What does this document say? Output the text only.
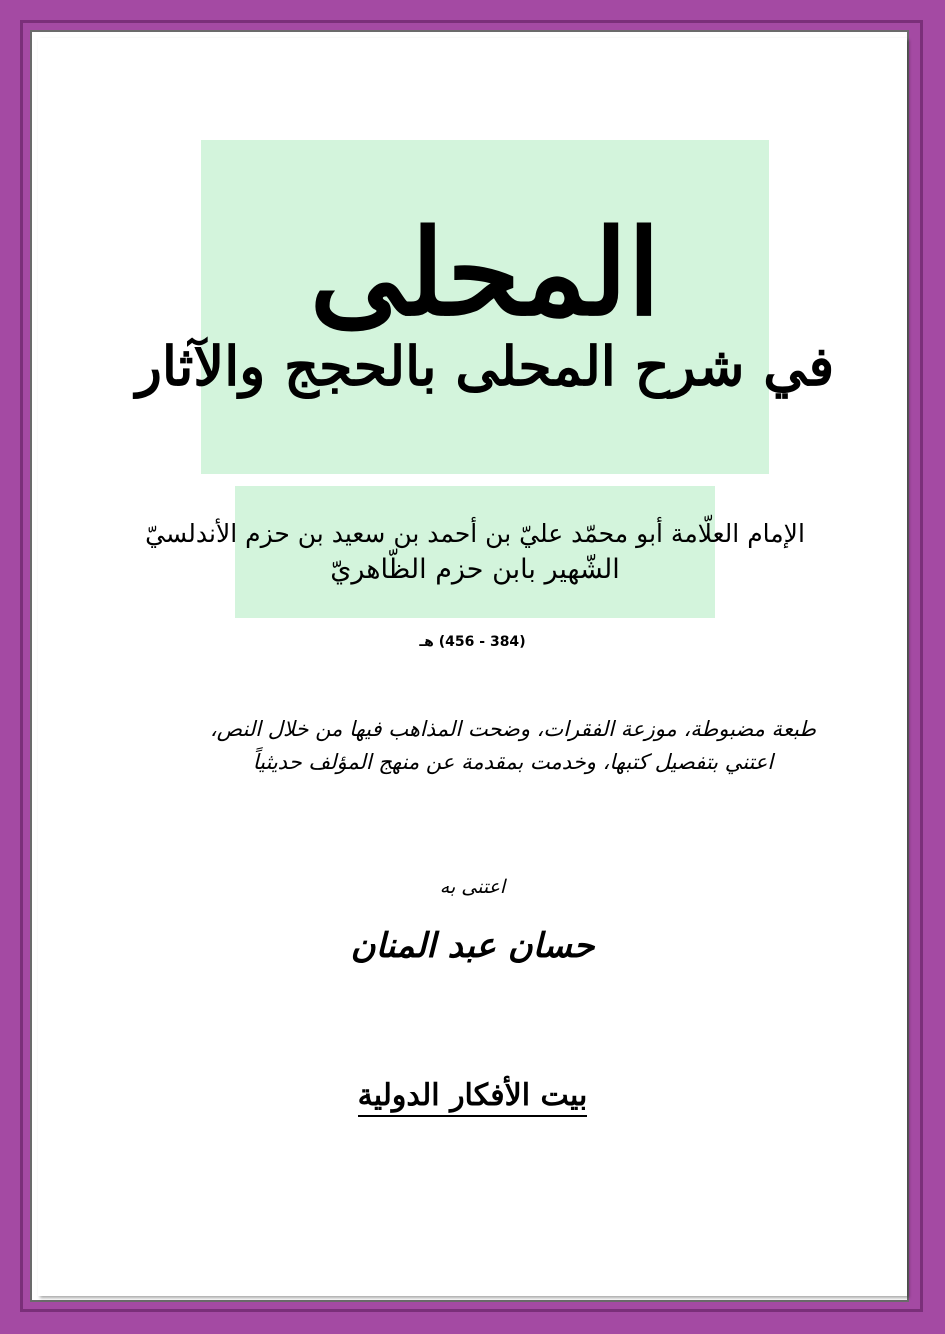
المحلى
في شرح المحلى بالحجج والآثار
الإمام العلّامة أبو محمّد عليّ بن أحمد بن سعيد بن حزم الأندلسيّ
الشّهير بابن حزم الظّاهريّ
(384 - 456) هـ
طبعة مضبوطة، موزعة الفقرات، وضحت المذاهب فيها من خلال النص،
اعتني بتفصيل كتبها، وخدمت بمقدمة عن منهج المؤلف حديثياً
اعتنى به
حسان عبد المنان
بيت الأفكار الدولية
